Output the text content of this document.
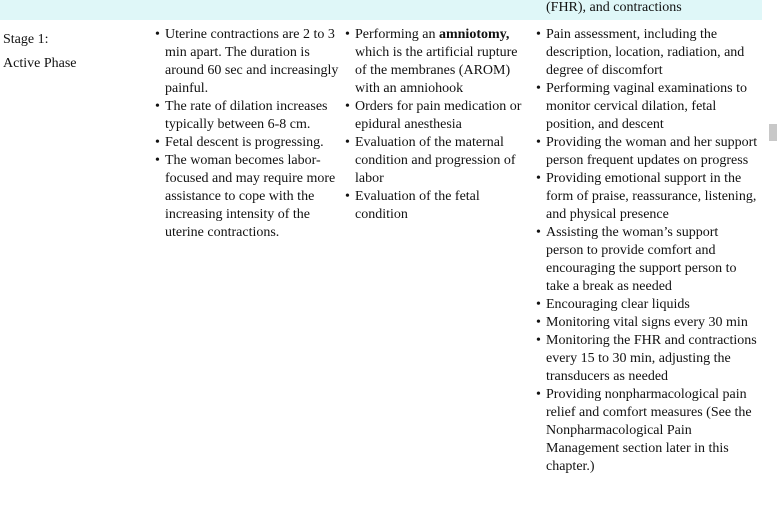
(FHR), and contractions
Stage 1:
Active Phase
• Uterine contractions are 2 to 3 min apart. The duration is around 60 sec and increasingly painful.
• The rate of dilation increases typically between 6-8 cm.
• Fetal descent is progressing.
• The woman becomes labor-focused and may require more assistance to cope with the increasing intensity of the uterine contractions.
• Performing an amniotomy, which is the artificial rupture of the membranes (AROM) with an amniohook
• Orders for pain medication or epidural anesthesia
• Evaluation of the maternal condition and progression of labor
• Evaluation of the fetal condition
• Pain assessment, including the description, location, radiation, and degree of discomfort
• Performing vaginal examinations to monitor cervical dilation, fetal position, and descent
• Providing the woman and her support person frequent updates on progress
• Providing emotional support in the form of praise, reassurance, listening, and physical presence
• Assisting the woman’s support person to provide comfort and encouraging the support person to take a break as needed
• Encouraging clear liquids
• Monitoring vital signs every 30 min
• Monitoring the FHR and contractions every 15 to 30 min, adjusting the transducers as needed
• Providing nonpharmacological pain relief and comfort measures (See the Nonpharmacological Pain Management section later in this chapter.)
